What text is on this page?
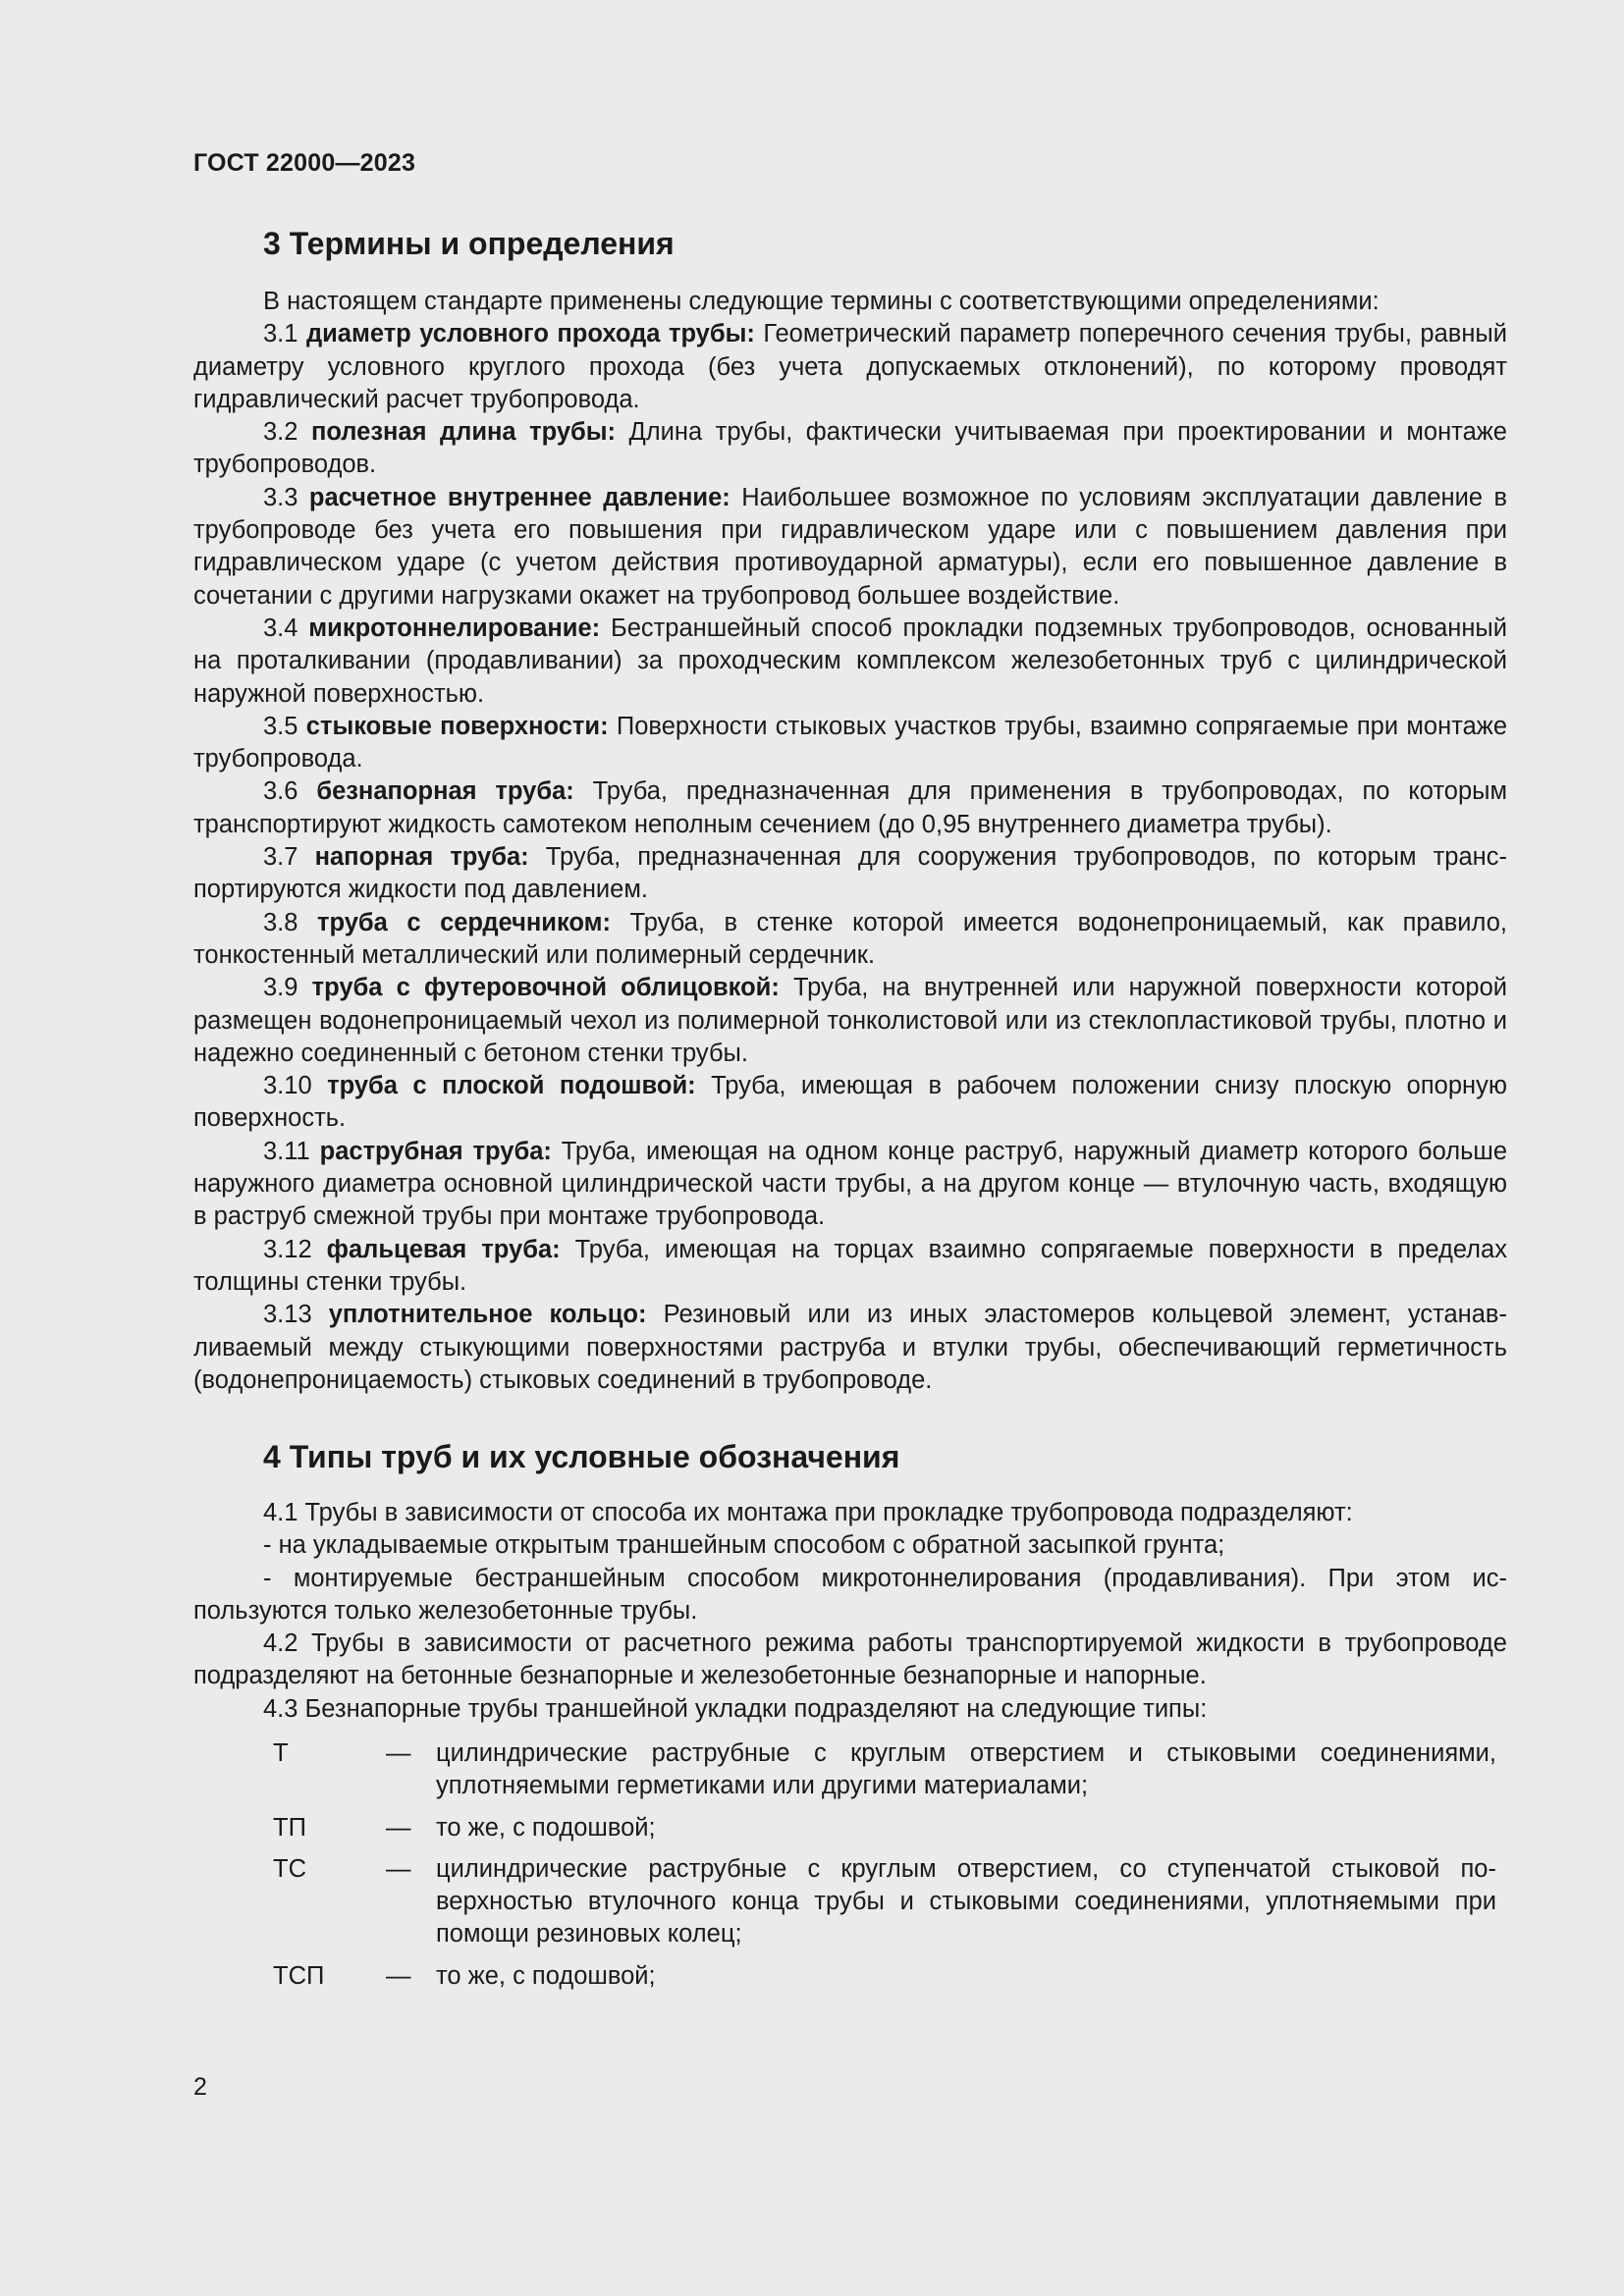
ГОСТ 22000—2023
3 Термины и определения

В настоящем стандарте применены следующие термины с соответствующими определениями:

3.1 диаметр условного прохода трубы: Геометрический параметр поперечного сечения трубы, равный диаметру условного круглого прохода (без учета допускаемых отклонений), по которому проводят гидравлический расчет трубопровода.

3.2 полезная длина трубы: Длина трубы, фактически учитываемая при проектировании и монтаже трубопроводов.

3.3 расчетное внутреннее давление: Наибольшее возможное по условиям эксплуатации давление в трубопроводе без учета его повышения при гидравлическом ударе или с повышением давления при гидравлическом ударе (с учетом действия противоударной арматуры), если его повышенное давление в сочетании с другими нагрузками окажет на трубопровод большее воздействие.

3.4 микротоннелирование: Бестраншейный способ прокладки подземных трубопроводов, основанный на проталкивании (продавливании) за проходческим комплексом железобетонных труб с цилиндрической наружной поверхностью.

3.5 стыковые поверхности: Поверхности стыковых участков трубы, взаимно сопрягаемые при монтаже трубопровода.

3.6 безнапорная труба: Труба, предназначенная для применения в трубопроводах, по которым транспортируют жидкость самотеком неполным сечением (до 0,95 внутреннего диаметра трубы).

3.7 напорная труба: Труба, предназначенная для сооружения трубопроводов, по которым транспортируются жидкости под давлением.

3.8 труба с сердечником: Труба, в стенке которой имеется водонепроницаемый, как правило, тонкостенный металлический или полимерный сердечник.

3.9 труба с футеровочной облицовкой: Труба, на внутренней или наружной поверхности которой размещен водонепроницаемый чехол из полимерной тонколистовой или из стеклопластиковой трубы, плотно и надежно соединенный с бетоном стенки трубы.

3.10 труба с плоской подошвой: Труба, имеющая в рабочем положении снизу плоскую опорную поверхность.

3.11 раструбная труба: Труба, имеющая на одном конце раструб, наружный диаметр которого больше наружного диаметра основной цилиндрической части трубы, а на другом конце — втулочную часть, входящую в раструб смежной трубы при монтаже трубопровода.

3.12 фальцевая труба: Труба, имеющая на торцах взаимно сопрягаемые поверхности в пределах толщины стенки трубы.

3.13 уплотнительное кольцо: Резиновый или из иных эластомеров кольцевой элемент, устанавливаемый между стыкующими поверхностями раструба и втулки трубы, обеспечивающий герметичность (водонепроницаемость) стыковых соединений в трубопроводе.

4 Типы труб и их условные обозначения

4.1 Трубы в зависимости от способа их монтажа при прокладке трубопровода подразделяют:

- на укладываемые открытым траншейным способом с обратной засыпкой грунта;

- монтируемые бестраншейным способом микротоннелирования (продавливания). При этом используются только железобетонные трубы.

4.2 Трубы в зависимости от расчетного режима работы транспортируемой жидкости в трубопроводе подразделяют на бетонные безнапорные и железобетонные безнапорные и напорные.

4.3 Безнапорные трубы траншейной укладки подразделяют на следующие типы:

Т	—	цилиндрические раструбные с круглым отверстием и стыковыми соединениями, уплотняемыми герметиками или другими материалами;
ТП	—	то же, с подошвой;
ТС	—	цилиндрические раструбные с круглым отверстием, со ступенчатой стыковой поверхностью втулочного конца трубы и стыковыми соединениями, уплотняемыми при помощи резиновых колец;
ТСП	—	то же, с подошвой;
2
